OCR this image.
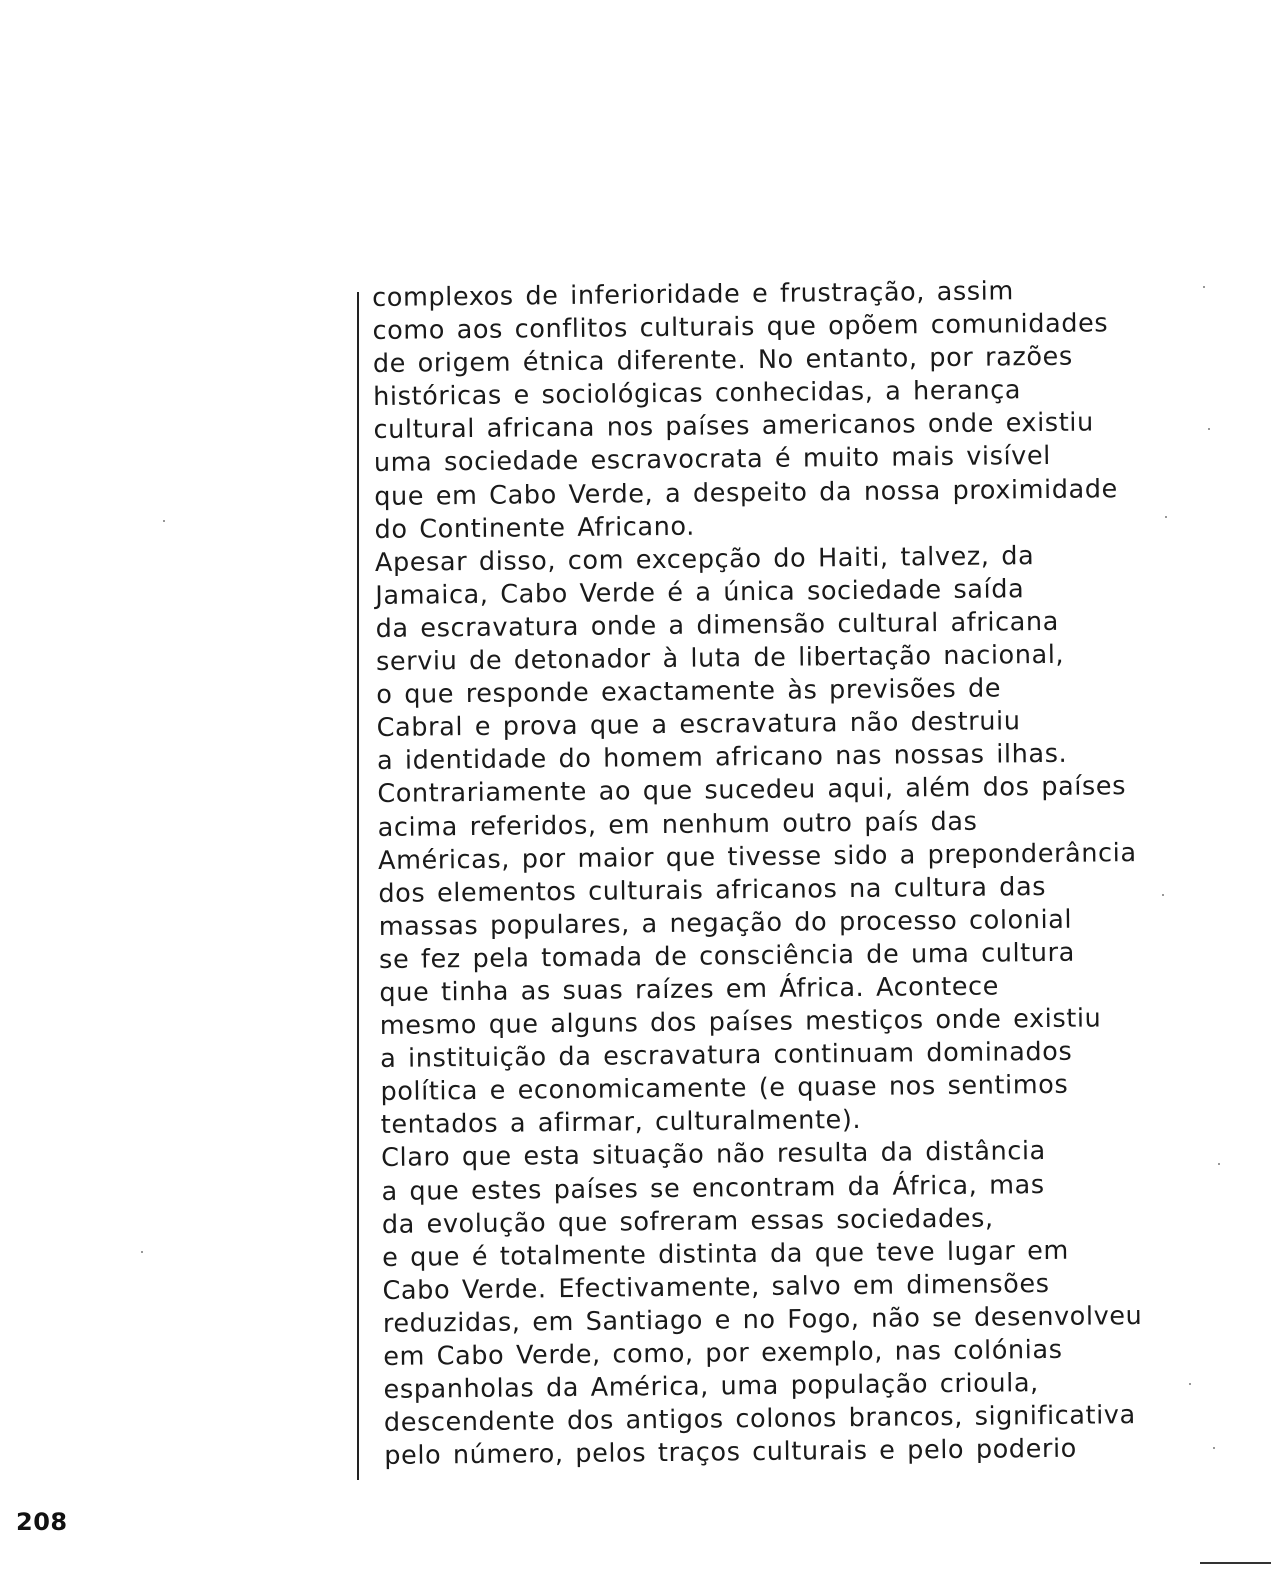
complexos de inferioridade e frustração, assim
como aos conflitos culturais que opõem comunidades
de origem étnica diferente. No entanto, por razões
históricas e sociológicas conhecidas, a herança
cultural africana nos países americanos onde existiu
uma sociedade escravocrata é muito mais visível
que em Cabo Verde, a despeito da nossa proximidade
do Continente Africano.
Apesar disso, com excepção do Haiti, talvez, da
Jamaica, Cabo Verde é a única sociedade saída
da escravatura onde a dimensão cultural africana
serviu de detonador à luta de libertação nacional,
o que responde exactamente às previsões de
Cabral e prova que a escravatura não destruiu
a identidade do homem africano nas nossas ilhas.
Contrariamente ao que sucedeu aqui, além dos países
acima referidos, em nenhum outro país das
Américas, por maior que tivesse sido a preponderância
dos elementos culturais africanos na cultura das
massas populares, a negação do processo colonial
se fez pela tomada de consciência de uma cultura
que tinha as suas raízes em África. Acontece
mesmo que alguns dos países mestiços onde existiu
a instituição da escravatura continuam dominados
política e economicamente (e quase nos sentimos
tentados a afirmar, culturalmente).
Claro que esta situação não resulta da distância
a que estes países se encontram da África, mas
da evolução que sofreram essas sociedades,
e que é totalmente distinta da que teve lugar em
Cabo Verde. Efectivamente, salvo em dimensões
reduzidas, em Santiago e no Fogo, não se desenvolveu
em Cabo Verde, como, por exemplo, nas colónias
espanholas da América, uma população crioula,
descendente dos antigos colonos brancos, significativa
pelo número, pelos traços culturais e pelo poderio
208
